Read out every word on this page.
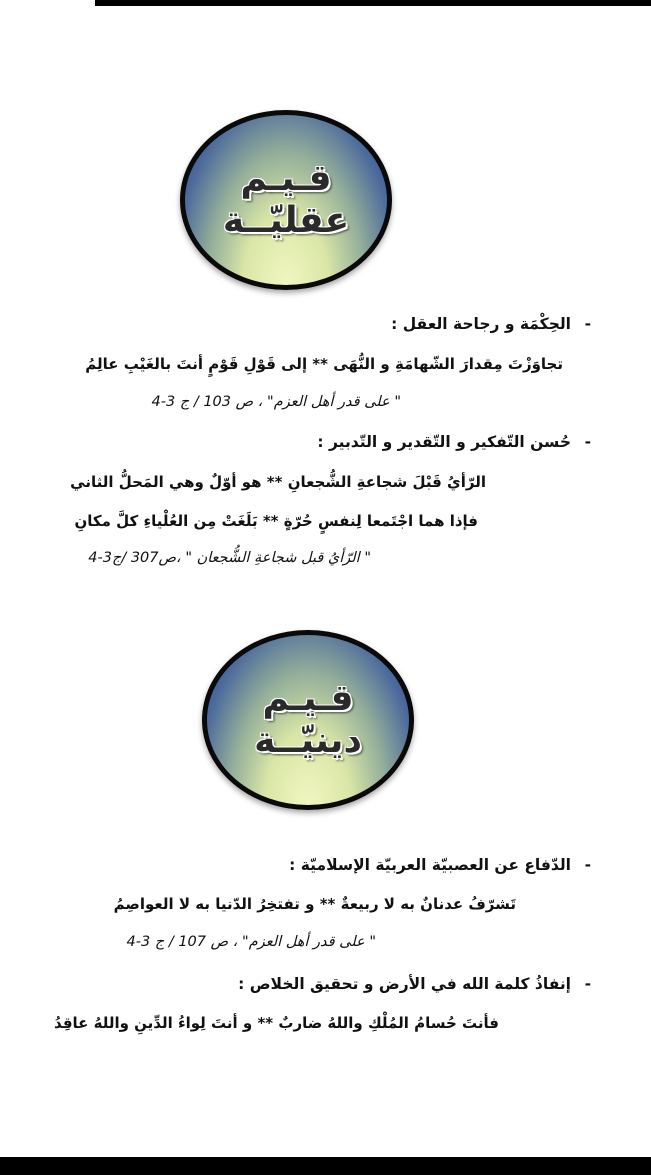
قـيـم
عقليّــة
-
الحِكْمَة و رجاحة العقل :
تجاوَزْتَ مِقدارَ الشّهامَةِ و النُّهَى ** إلى قَوْلِ قَوْمٍ أنتَ بالغَيْبِ عالِمُ
" على قدر أهل العزم" ، ص 103 / ج 3-4
-
حُسن التّفكير و التّقدير و التّدبير :
الرّأيُ قَبْلَ شجاعةِ الشُّجعانِ ** هو أوّلٌ وهي المَحلُّ الثاني
فإذا هما اجْتَمعا لِنفسٍ حُرّةٍ ** بَلَغَتْ مِن العُلْياءِ كلَّ مكانِ
" الرّأيُ قبل شجاعةِ الشُّجعان " ،ص307 /ج3-4
قـيـم
دينيّــة
-
الدّفاع عن العصبيّة العربيّة الإسلاميّة :
تَشرّفُ عدنانٌ به لا ربيعةٌ ** و تفتخِرُ الدّنيا به لا العواصِمُ
" على قدر أهل العزم" ، ص 107 / ج 3-4
-
إنفاذُ كلمة الله في الأرض و تحقيق الخلاص :
فأنتَ حُسامُ المُلْكِ واللهُ ضاربٌ ** و أنتَ لِواءُ الدِّينِ واللهُ عاقِدُ
